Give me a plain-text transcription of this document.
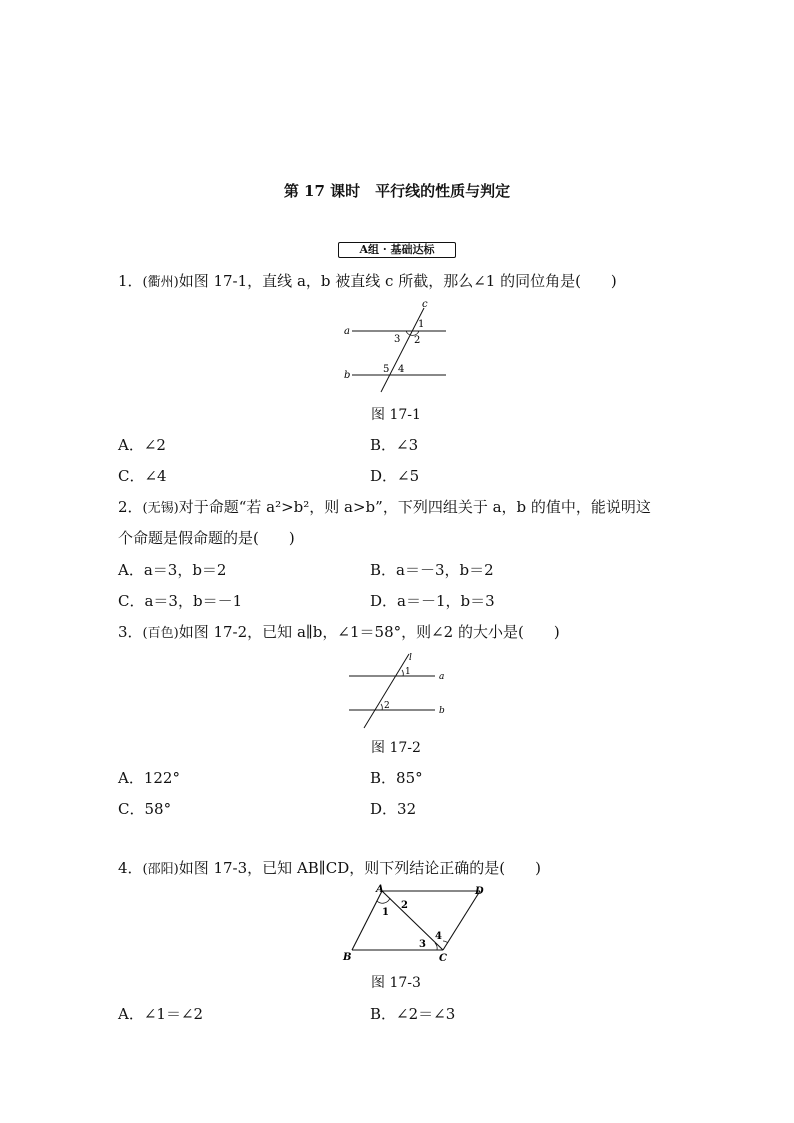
第 17 课时　平行线的性质与判定
A组 · 基础达标
1．(衢州)如图 17-1，直线 a，b 被直线 c 所截，那么∠1 的同位角是(　　)
a
b
c
1
2
3
4
5
图 17-1
A．∠2	B．∠3
C．∠4	D．∠5
2．(无锡)对于命题“若 a²>b²，则 a>b”，下列四组关于 a，b 的值中，能说明这
个命题是假命题的是(　　)
A．a＝3，b＝2	B．a＝－3，b＝2
C．a＝3，b＝－1	D．a＝－1，b＝3
3．(百色)如图 17-2，已知 a∥b，∠1＝58°，则∠2 的大小是(　　)
l
a
b
1
2
图 17-2
A．122°	B．85°
C．58°	D．32
4．(邵阳)如图 17-3，已知 AB∥CD，则下列结论正确的是(　　)
A	D
B	C
1
2
3
4
图 17-3
A．∠1＝∠2	B．∠2＝∠3
